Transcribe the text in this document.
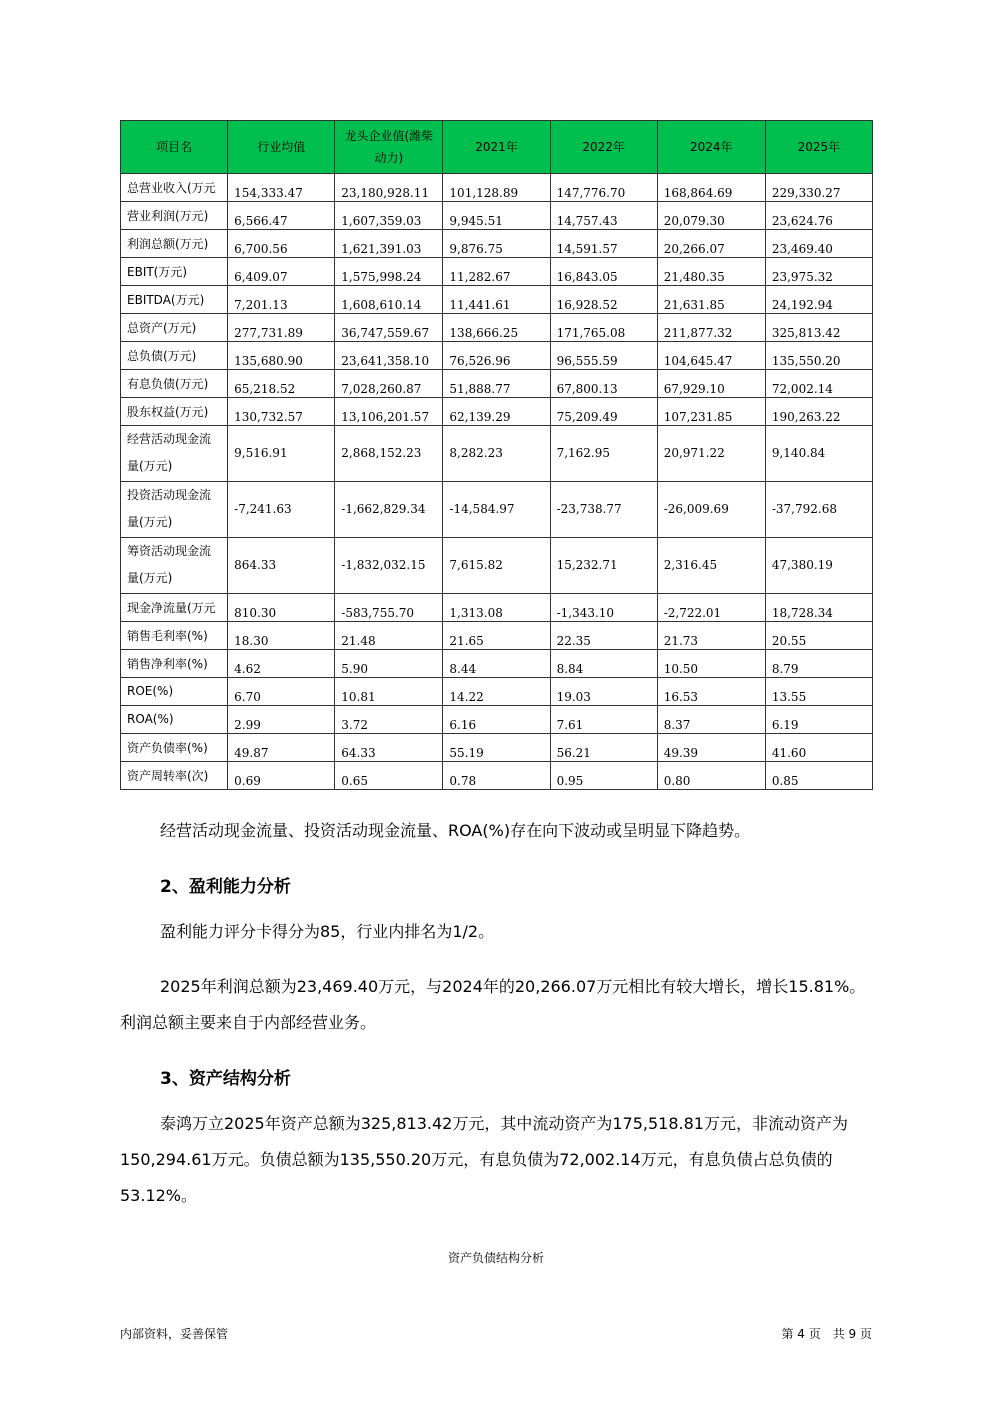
项目名	行业均值	龙头企业值(潍柴动力)	2021年	2022年	2024年	2025年
总营业收入(万元	154,333.47	23,180,928.11	101,128.89	147,776.70	168,864.69	229,330.27
营业利润(万元)	6,566.47	1,607,359.03	9,945.51	14,757.43	20,079.30	23,624.76
利润总额(万元)	6,700.56	1,621,391.03	9,876.75	14,591.57	20,266.07	23,469.40
EBIT(万元)	6,409.07	1,575,998.24	11,282.67	16,843.05	21,480.35	23,975.32
EBITDA(万元)	7,201.13	1,608,610.14	11,441.61	16,928.52	21,631.85	24,192.94
总资产(万元)	277,731.89	36,747,559.67	138,666.25	171,765.08	211,877.32	325,813.42
总负债(万元)	135,680.90	23,641,358.10	76,526.96	96,555.59	104,645.47	135,550.20
有息负债(万元)	65,218.52	7,028,260.87	51,888.77	67,800.13	67,929.10	72,002.14
股东权益(万元)	130,732.57	13,106,201.57	62,139.29	75,209.49	107,231.85	190,263.22
经营活动现金流量(万元)	9,516.91	2,868,152.23	8,282.23	7,162.95	20,971.22	9,140.84
投资活动现金流量(万元)	-7,241.63	-1,662,829.34	-14,584.97	-23,738.77	-26,009.69	-37,792.68
筹资活动现金流量(万元)	864.33	-1,832,032.15	7,615.82	15,232.71	2,316.45	47,380.19
现金净流量(万元	810.30	-583,755.70	1,313.08	-1,343.10	-2,722.01	18,728.34
销售毛利率(%)	18.30	21.48	21.65	22.35	21.73	20.55
销售净利率(%)	4.62	5.90	8.44	8.84	10.50	8.79
ROE(%)	6.70	10.81	14.22	19.03	16.53	13.55
ROA(%)	2.99	3.72	6.16	7.61	8.37	6.19
资产负债率(%)	49.87	64.33	55.19	56.21	49.39	41.60
资产周转率(次)	0.69	0.65	0.78	0.95	0.80	0.85

经营活动现金流量、投资活动现金流量、ROA(%)存在向下波动或呈明显下降趋势。

2、盈利能力分析

盈利能力评分卡得分为85，行业内排名为1/2。

2025年利润总额为23,469.40万元，与2024年的20,266.07万元相比有较大增长，增长15.81%。利润总额主要来自于内部经营业务。

3、资产结构分析

泰鸿万立2025年资产总额为325,813.42万元，其中流动资产为175,518.81万元，非流动资产为150,294.61万元。负债总额为135,550.20万元，有息负债为72,002.14万元，有息负债占总负债的53.12%。

资产负债结构分析
内部资料，妥善保管	第 4 页　共 9 页
